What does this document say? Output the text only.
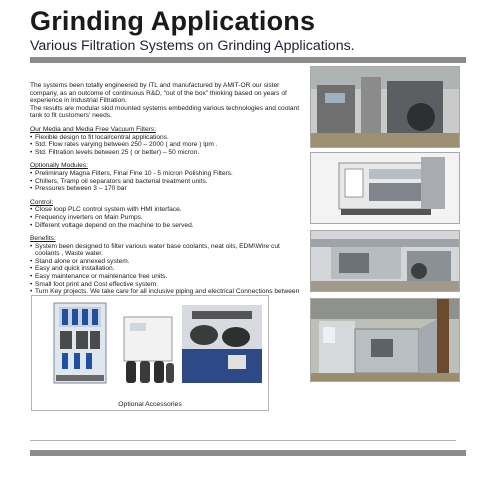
Grinding Applications
Various Filtration Systems on Grinding Applications.

The systems been totally engineered by ITL and manufactured by AMIT-OR our sister company, as an outcome of continuous R&D, “out of the box” thinking based on years of experience in Industrial Filtration.

The results are modular skid mounted systems embedding various technologies and coolant tank to fit customers' needs.

Our Media and Media Free Vacuum Filters:

• Flexible design to fit local/central applications.
• Std. Flow rates varying between 250 – 2000 ( and more ) lpm .
• Std. Filtration levels between 25 ( or better) – 50 micron.

Optionally Modules:

• Preliminary Magna Filters, Final Fine 10 - 5 micron Polishing Filters.
• Chillers, Tramp oil separators and bacterial treatment units.
• Pressures between 3 – 170 bar

Control:

• Close loop PLC control system with HMI interface.
• Frequency inverters on Main Pumps.
• Different voltage depend on the machine to be served.

Benefits:

• System been designed to filter various water base coolants, neat oils, EDM\Wire cut coolants , Waste water.
• Stand alone or annexed system.
• Easy and quick installation.
• Easy maintenance or maintenance free units.
• Small foot print and Cost effective system.
• Turn Key projects. We take care for all inclusive piping and electrical Connections between
Optional Accessories
